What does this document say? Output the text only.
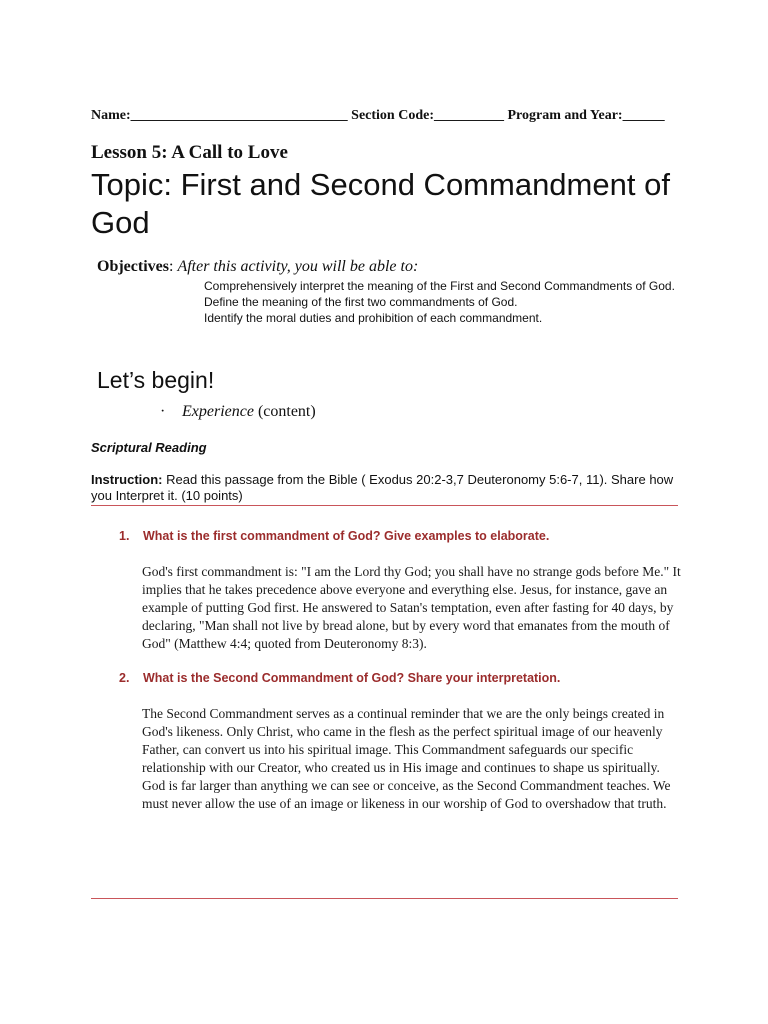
Name:_______________________________ Section Code:__________ Program and Year:______
Lesson 5: A Call to Love
Topic: First and Second Commandment of God
Objectives: After this activity, you will be able to:
Comprehensively interpret the meaning of the First and Second Commandments of God.
Define the meaning of the first two commandments of God.
Identify the moral duties and prohibition of each commandment.
Let’s begin!
· Experience (content)
Scriptural Reading
Instruction: Read this passage from the Bible ( Exodus 20:2-3,7 Deuteronomy 5:6-7, 11). Share how you Interpret it. (10 points)
1. What is the first commandment of God? Give examples to elaborate.
God's first commandment is: "I am the Lord thy God; you shall have no strange gods before Me." It implies that he takes precedence above everyone and everything else. Jesus, for instance, gave an example of putting God first. He answered to Satan's temptation, even after fasting for 40 days, by declaring, "Man shall not live by bread alone, but by every word that emanates from the mouth of God" (Matthew 4:4; quoted from Deuteronomy 8:3).
2. What is the Second Commandment of God? Share your interpretation.
The Second Commandment serves as a continual reminder that we are the only beings created in God's likeness. Only Christ, who came in the flesh as the perfect spiritual image of our heavenly Father, can convert us into his spiritual image. This Commandment safeguards our specific relationship with our Creator, who created us in His image and continues to shape us spiritually. God is far larger than anything we can see or conceive, as the Second Commandment teaches. We must never allow the use of an image or likeness in our worship of God to overshadow that truth.
